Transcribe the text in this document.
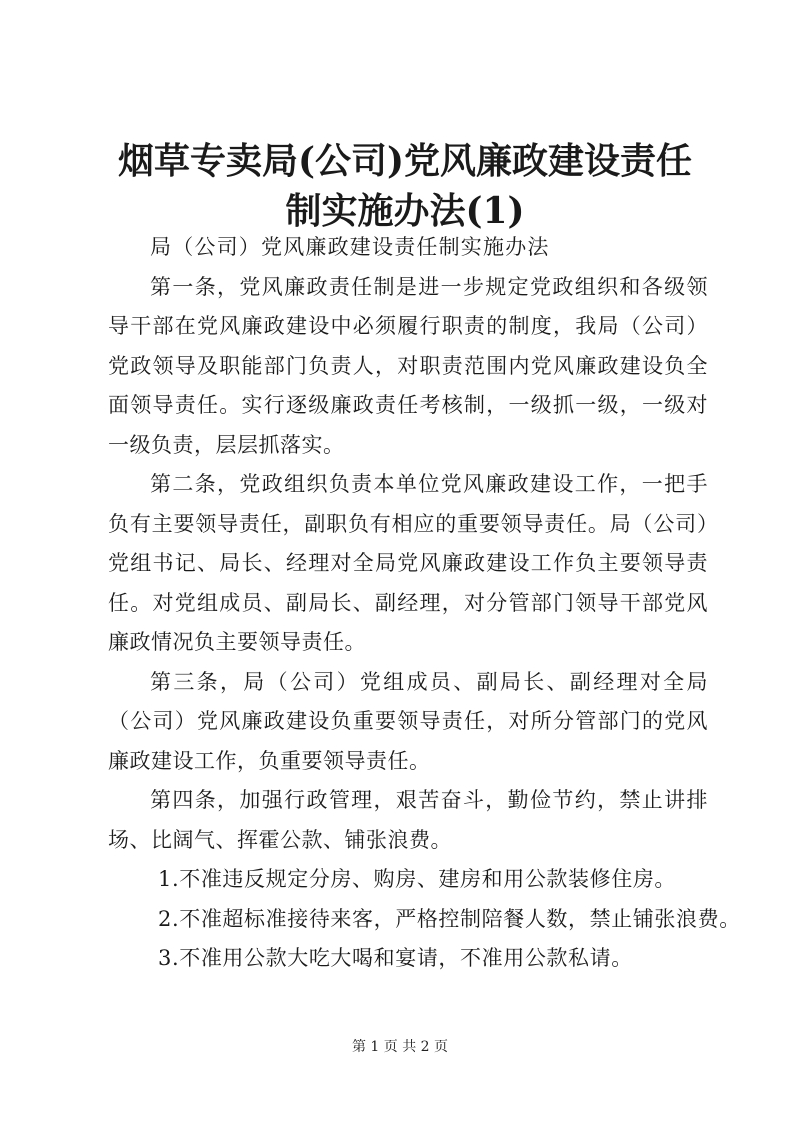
烟草专卖局(公司)党风廉政建设责任制实施办法(1)

局（公司）党风廉政建设责任制实施办法

第一条，党风廉政责任制是进一步规定党政组织和各级领导干部在党风廉政建设中必须履行职责的制度，我局（公司）党政领导及职能部门负责人，对职责范围内党风廉政建设负全面领导责任。实行逐级廉政责任考核制，一级抓一级，一级对一级负责，层层抓落实。

第二条，党政组织负责本单位党风廉政建设工作，一把手负有主要领导责任，副职负有相应的重要领导责任。局（公司）党组书记、局长、经理对全局党风廉政建设工作负主要领导责任。对党组成员、副局长、副经理，对分管部门领导干部党风廉政情况负主要领导责任。

第三条，局（公司）党组成员、副局长、副经理对全局（公司）党风廉政建设负重要领导责任，对所分管部门的党风廉政建设工作，负重要领导责任。

第四条，加强行政管理，艰苦奋斗，勤俭节约，禁止讲排场、比阔气、挥霍公款、铺张浪费。

1.不准违反规定分房、购房、建房和用公款装修住房。

2.不准超标准接待来客，严格控制陪餐人数，禁止铺张浪费。

3.不准用公款大吃大喝和宴请，不准用公款私请。

第 1 页 共 2 页
